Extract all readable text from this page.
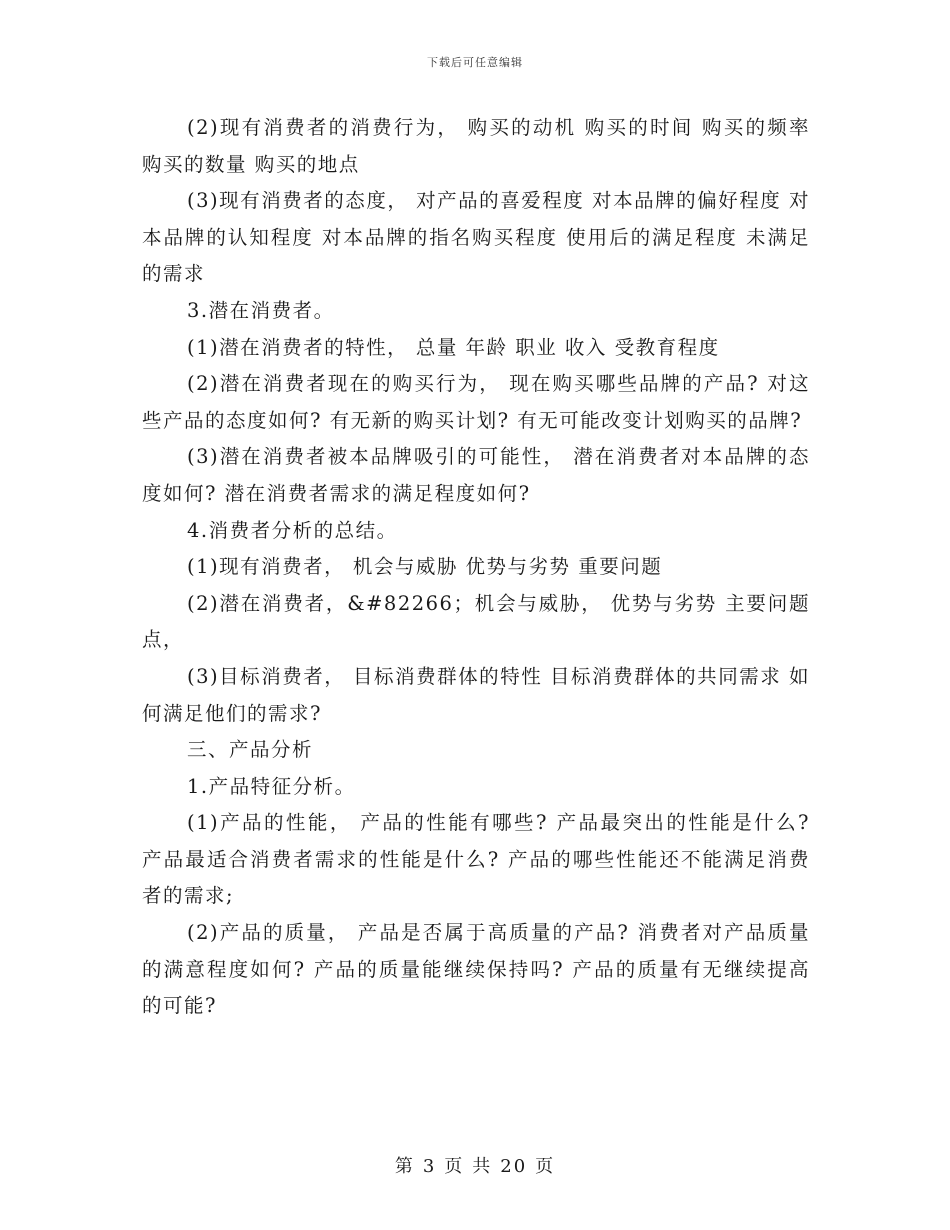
下载后可任意编辑

(2)现有消费者的消费行为， 购买的动机 购买的时间 购买的频率 购买的数量 购买的地点

(3)现有消费者的态度， 对产品的喜爱程度 对本品牌的偏好程度 对本品牌的认知程度 对本品牌的指名购买程度 使用后的满足程度 未满足的需求

3.潜在消费者。

(1)潜在消费者的特性， 总量 年龄 职业 收入 受教育程度

(2)潜在消费者现在的购买行为， 现在购买哪些品牌的产品? 对这些产品的态度如何? 有无新的购买计划? 有无可能改变计划购买的品牌?

(3)潜在消费者被本品牌吸引的可能性， 潜在消费者对本品牌的态度如何? 潜在消费者需求的满足程度如何?

4.消费者分析的总结。

(1)现有消费者， 机会与威胁 优势与劣势 重要问题

(2)潜在消费者，&#82266；机会与威胁， 优势与劣势 主要问题点，

(3)目标消费者， 目标消费群体的特性 目标消费群体的共同需求 如何满足他们的需求?

三、产品分析

1.产品特征分析。

(1)产品的性能， 产品的性能有哪些? 产品最突出的性能是什么? 产品最适合消费者需求的性能是什么? 产品的哪些性能还不能满足消费者的需求;

(2)产品的质量， 产品是否属于高质量的产品? 消费者对产品质量的满意程度如何? 产品的质量能继续保持吗? 产品的质量有无继续提高的可能?

第 3 页 共 20 页
